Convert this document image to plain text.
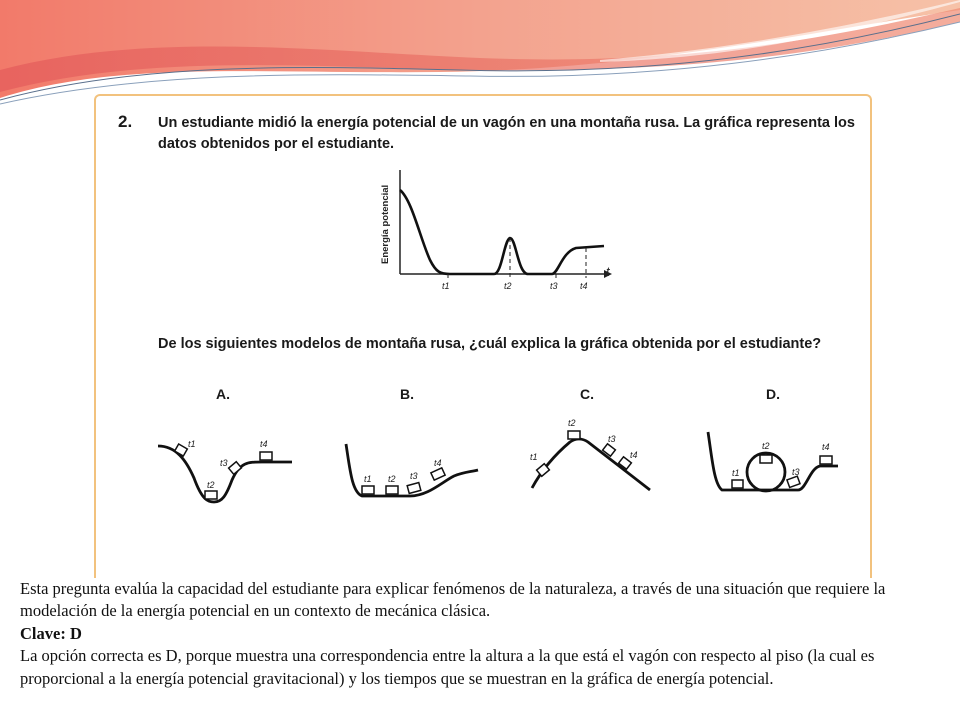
2. Un estudiante midió la energía potencial de un vagón en una montaña rusa. La gráfica representa los datos obtenidos por el estudiante.
Energía potencial
t
t1	t2	t3 t4
De los siguientes modelos de montaña rusa, ¿cuál explica la gráfica obtenida por el estudiante?
A.	B.	C.	D.
t1
t2
t3
t4
t1 t2 t3
t4
t1
t2
t3
t4
t1
t2
t3
t4

Esta pregunta evalúa la capacidad del estudiante para explicar fenómenos de la naturaleza, a través de una situación que requiere la modelación de la energía potencial en un contexto de mecánica clásica.

Clave: D

La opción correcta es D, porque muestra una correspondencia entre la altura a la que está el vagón con respecto al piso (la cual es proporcional a la energía potencial gravitacional) y los tiempos que se muestran en la gráfica de energía potencial.
